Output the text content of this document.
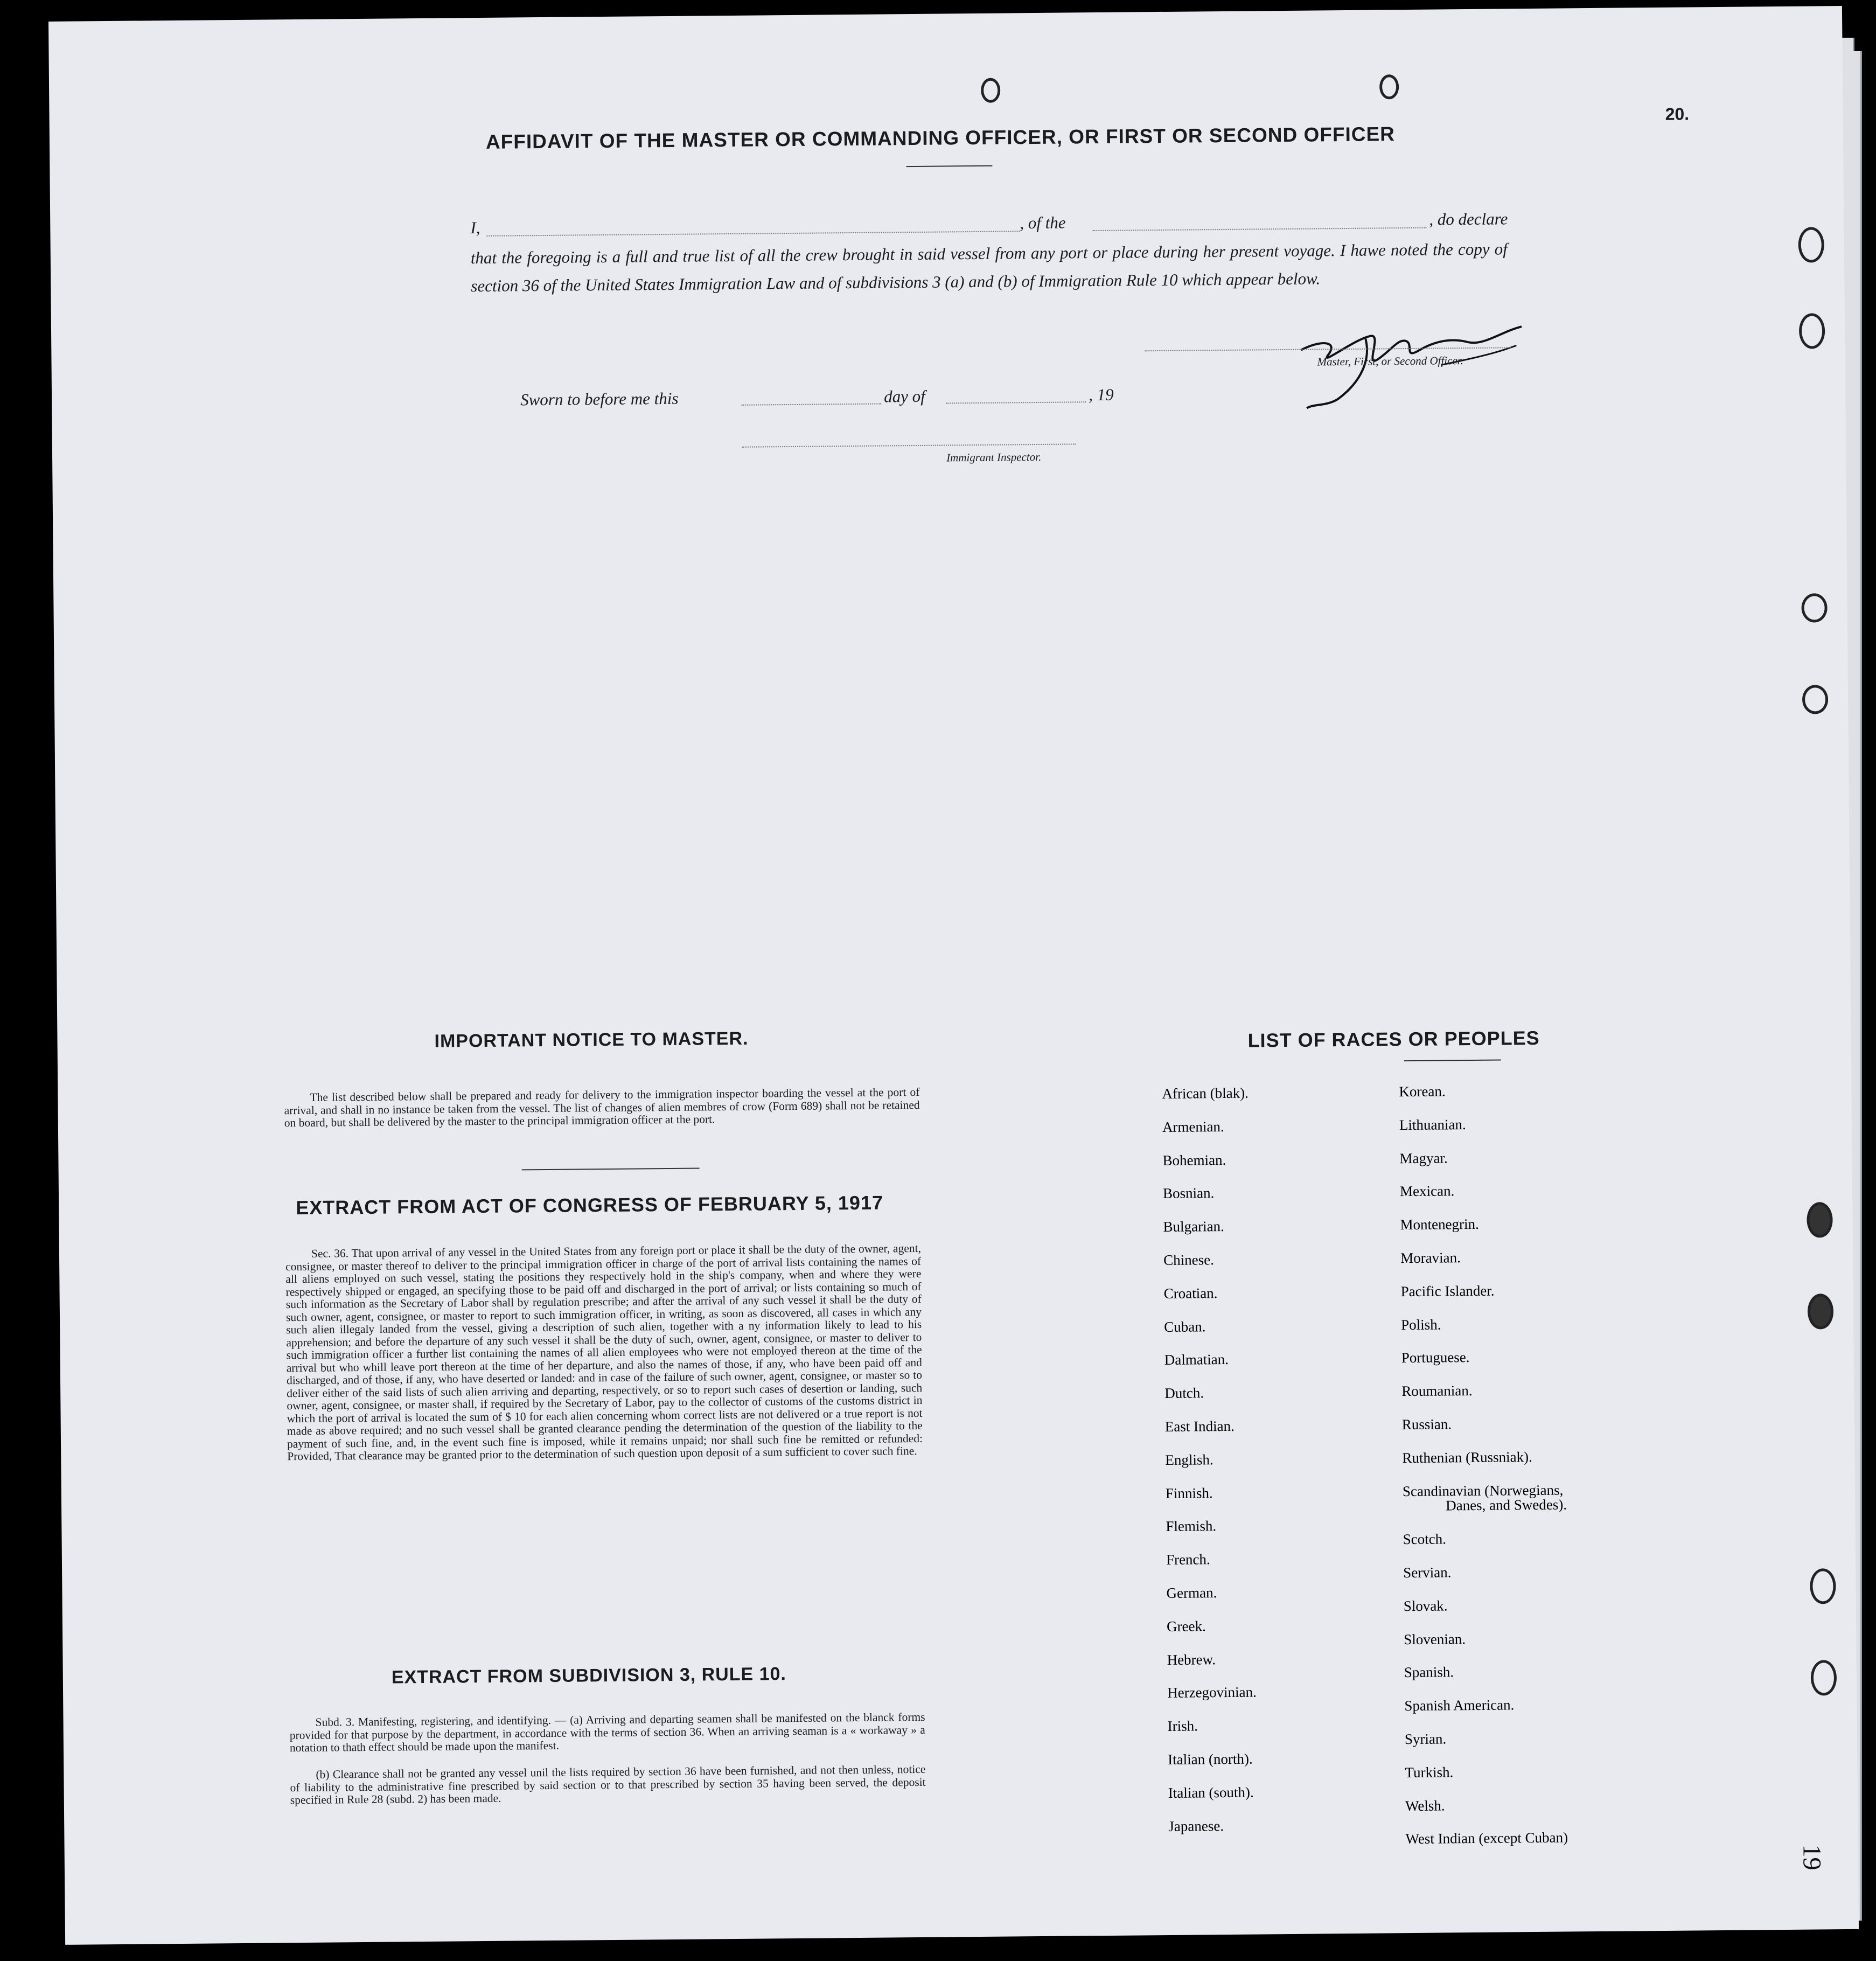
AFFIDAVIT OF THE MASTER OR COMMANDING OFFICER, OR FIRST OR SECOND OFFICER
I,	, of the	, do declare
that the foregoing is a full and true list of all the crew brought in said vessel from any port or place during her present voyage. I hawe noted the copy of section 36 of the United States Immigration Law and of subdivisions 3 (a) and (b) of Immigration Rule 10 which appear below.
Master, First, or Second Officer.
Sworn to before me this	day of	, 19
Immigrant Inspector.
20.
IMPORTANT NOTICE TO MASTER.
The list described below shall be prepared and ready for delivery to the immigration inspector boarding the vessel at the port of arrival, and shall in no instance be taken from the vessel. The list of changes of alien membres of crow (Form 689) shall not be retained on board, but shall be delivered by the master to the principal immigration officer at the port.
EXTRACT FROM ACT OF CONGRESS OF FEBRUARY 5, 1917
Sec. 36. That upon arrival of any vessel in the United States from any foreign port or place it shall be the duty of the owner, agent, consignee, or master thereof to deliver to the principal immigration officer in charge of the port of arrival lists containing the names of all aliens employed on such vessel, stating the positions they respectively hold in the ship's company, when and where they were respectively shipped or engaged, an specifying those to be paid off and discharged in the port of arrival; or lists containing so much of such information as the Secretary of Labor shall by regulation prescribe; and after the arrival of any such vessel it shall be the duty of such owner, agent, consignee, or master to report to such immigration officer, in writing, as soon as discovered, all cases in which any such alien illegaly landed from the vessel, giving a description of such alien, together with a ny information likely to lead to his apprehension; and before the departure of any such vessel it shall be the duty of such, owner, agent, consignee, or master to deliver to such immigration officer a further list containing the names of all alien employees who were not employed thereon at the time of the arrival but who whill leave port thereon at the time of her departure, and also the names of those, if any, who have been paid off and discharged, and of those, if any, who have deserted or landed: and in case of the failure of such owner, agent, consignee, or master so to deliver either of the said lists of such alien arriving and departing, respectively, or so to report such cases of desertion or landing, such owner, agent, consignee, or master shall, if required by the Secretary of Labor, pay to the collector of customs of the customs district in which the port of arrival is located the sum of $ 10 for each alien concerning whom correct lists are not delivered or a true report is not made as above required; and no such vessel shall be granted clearance pending the determination of the question of the liability to the payment of such fine, and, in the event such fine is imposed, while it remains unpaid; nor shall such fine be remitted or refunded: Provided, That clearance may be granted prior to the determination of such question upon deposit of a sum sufficient to cover such fine.
EXTRACT FROM SUBDIVISION 3, RULE 10.
Subd. 3. Manifesting, registering, and identifying. — (a) Arriving and departing seamen shall be manifested on the blanck forms provided for that purpose by the department, in accordance with the terms of section 36. When an arriving seaman is a « workaway » a notation to thath effect should be made upon the manifest.
(b) Clearance shall not be granted any vessel unil the lists required by section 36 have been furnished, and not then unless, notice of liability to the administrative fine prescribed by said section or to that prescribed by section 35 having been served, the deposit specified in Rule 28 (subd. 2) has been made.
LIST OF RACES OR PEOPLES
African (blak).
Armenian.
Bohemian.
Bosnian.
Bulgarian.
Chinese.
Croatian.
Cuban.
Dalmatian.
Dutch.
East Indian.
English.
Finnish.
Flemish.
French.
German.
Greek.
Hebrew.
Herzegovinian.
Irish.
Italian (north).
Italian (south).
Japanese.
Korean.
Lithuanian.
Magyar.
Mexican.
Montenegrin.
Moravian.
Pacific Islander.
Polish.
Portuguese.
Roumanian.
Russian.
Ruthenian (Russniak).
Scandinavian (Norwegians,
Danes, and Swedes).
Scotch.
Servian.
Slovak.
Slovenian.
Spanish.
Spanish American.
Syrian.
Turkish.
Welsh.
West Indian (except Cuban)
19
